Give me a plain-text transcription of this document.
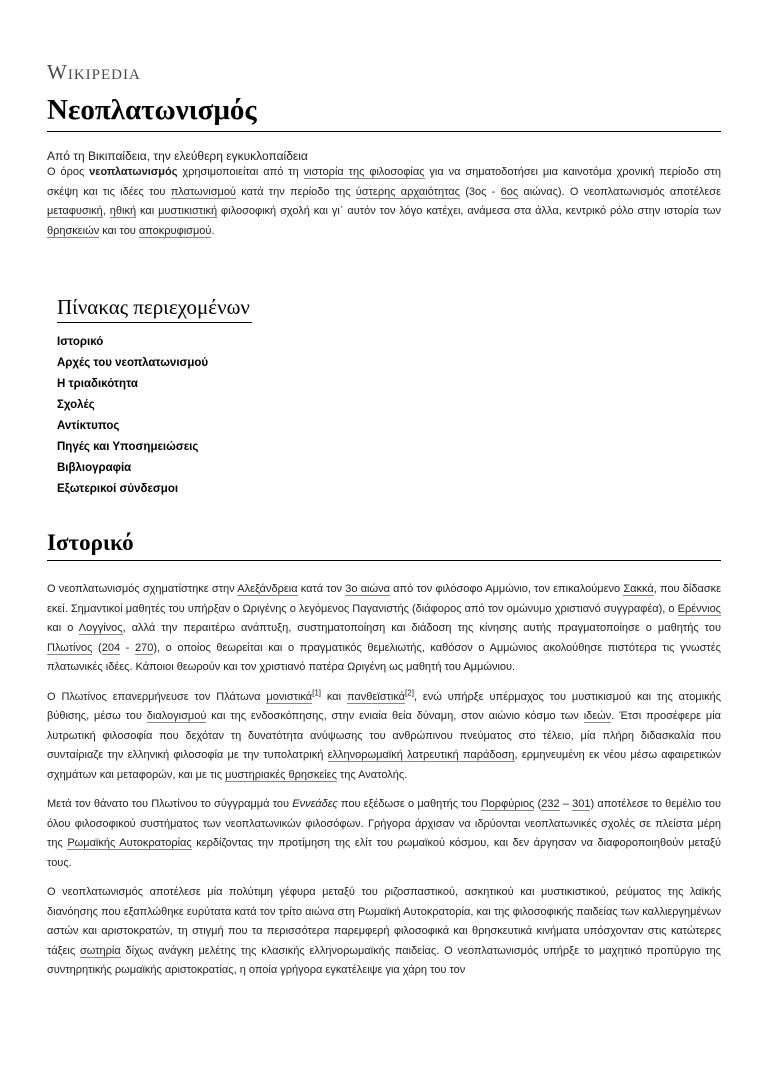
Wikipedia
Νεοπλατωνισμός
Από τη Βικιπαίδεια, την ελεύθερη εγκυκλοπαίδεια

Ο όρος νεοπλατωνισμός χρησιμοποιείται από τη νιστορία της φιλοσοφίας για να σηματοδοτήσει μια καινοτόμα χρονική περίοδο στη σκέψη και τις ιδέες του πλατωνισμού κατά την περίοδο της ύστερης αρχαιότητας (3ος - 6ος αιώνας). Ο νεοπλατωνισμός αποτέλεσε μεταφυσική, ηθική και μυστικιστική φιλοσοφική σχολή και γι᾽ αυτόν τον λόγο κατέχει, ανάμεσα στα άλλα, κεντρικό ρόλο στην ιστορία των θρησκειών και του αποκρυφισμού.

Πίνακας περιεχομένων
Ιστορικό
Αρχές του νεοπλατωνισμού
Η τριαδικότητα
Σχολές
Αντίκτυπος
Πηγές και Υποσημειώσεις
Βιβλιογραφία
Εξωτερικοί σύνδεσμοι
Ιστορικό

Ο νεοπλατωνισμός σχηματίστηκε στην Αλεξάνδρεια κατά τον 3ο αιώνα από τον φιλόσοφο Αμμώνιο, τον επικαλούμενο Σακκά, που δίδασκε εκεί. Σημαντικοί μαθητές του υπήρξαν ο Ωριγένης ο λεγόμενος Παγανιστής (διάφορος από τον ομώνυμο χριστιανό συγγραφέα), ο Ερέννιος και ο Λογγίνος, αλλά την περαιτέρω ανάπτυξη, συστηματοποίηση και διάδοση της κίνησης αυτής πραγματοποίησε ο μαθητής του Πλωτίνος (204 - 270), ο οποίος θεωρείται και ο πραγματικός θεμελιωτής, καθόσον ο Αμμώνιος ακολούθησε πιστότερα τις γνωστές πλατωνικές ιδέες. Κάποιοι θεωρούν και τον χριστιανό πατέρα Ωριγένη ως μαθητή του Αμμώνιου.

Ο Πλωτίνος επανερμήνευσε τον Πλάτωνα μονιστικά[1] και πανθεϊστικά[2], ενώ υπήρξε υπέρμαχος του μυστικισμού και της ατομικής βύθισης, μέσω του διαλογισμού και της ενδοσκόπησης, στην ενιαία θεία δύναμη, στον αιώνιο κόσμο των ιδεών. Έτσι προσέφερε μία λυτρωτική φιλοσοφία που δεχόταν τη δυνατότητα ανύψωσης του ανθρώπινου πνεύματος στο τέλειο, μία πλήρη διδασκαλία που συνταίριαζε την ελληνική φιλοσοφία με την τυπολατρική ελληνορωμαϊκή λατρευτική παράδοση, ερμηνευμένη εκ νέου μέσω αφαιρετικών σχημάτων και μεταφορών, και με τις μυστηριακές θρησκείες της Ανατολής.

Μετά τον θάνατο του Πλωτίνου το σύγγραμμά του Εννεάδες που εξέδωσε ο μαθητής του Πορφύριος (232 – 301) αποτέλεσε το θεμέλιο του όλου φιλοσοφικού συστήματος των νεοπλατωνικών φιλοσόφων. Γρήγορα άρχισαν να ιδρύονται νεοπλατωνικές σχολές σε πλείστα μέρη της Ρωμαϊκής Αυτοκρατορίας κερδίζοντας την προτίμηση της ελίτ του ρωμαϊκού κόσμου, και δεν άργησαν να διαφοροποιηθούν μεταξύ τους.

Ο νεοπλατωνισμός αποτέλεσε μία πολύτιμη γέφυρα μεταξύ του ριζοσπαστικού, ασκητικού και μυστικιστικού, ρεύματος της λαϊκής διανόησης που εξαπλώθηκε ευρύτατα κατά τον τρίτο αιώνα στη Ρωμαϊκή Αυτοκρατορία, και της φιλοσοφικής παιδείας των καλλιεργημένων αστών και αριστοκρατών, τη στιγμή που τα περισσότερα παρεμφερή φιλοσοφικά και θρησκευτικά κινήματα υπόσχονταν στις κατώτερες τάξεις σωτηρία δίχως ανάγκη μελέτης της κλασικής ελληνορωμαϊκής παιδείας. Ο νεοπλατωνισμός υπήρξε το μαχητικό προπύργιο της συντηρητικής ρωμαϊκής αριστοκρατίας, η οποία γρήγορα εγκατέλειψε για χάρη του τον
